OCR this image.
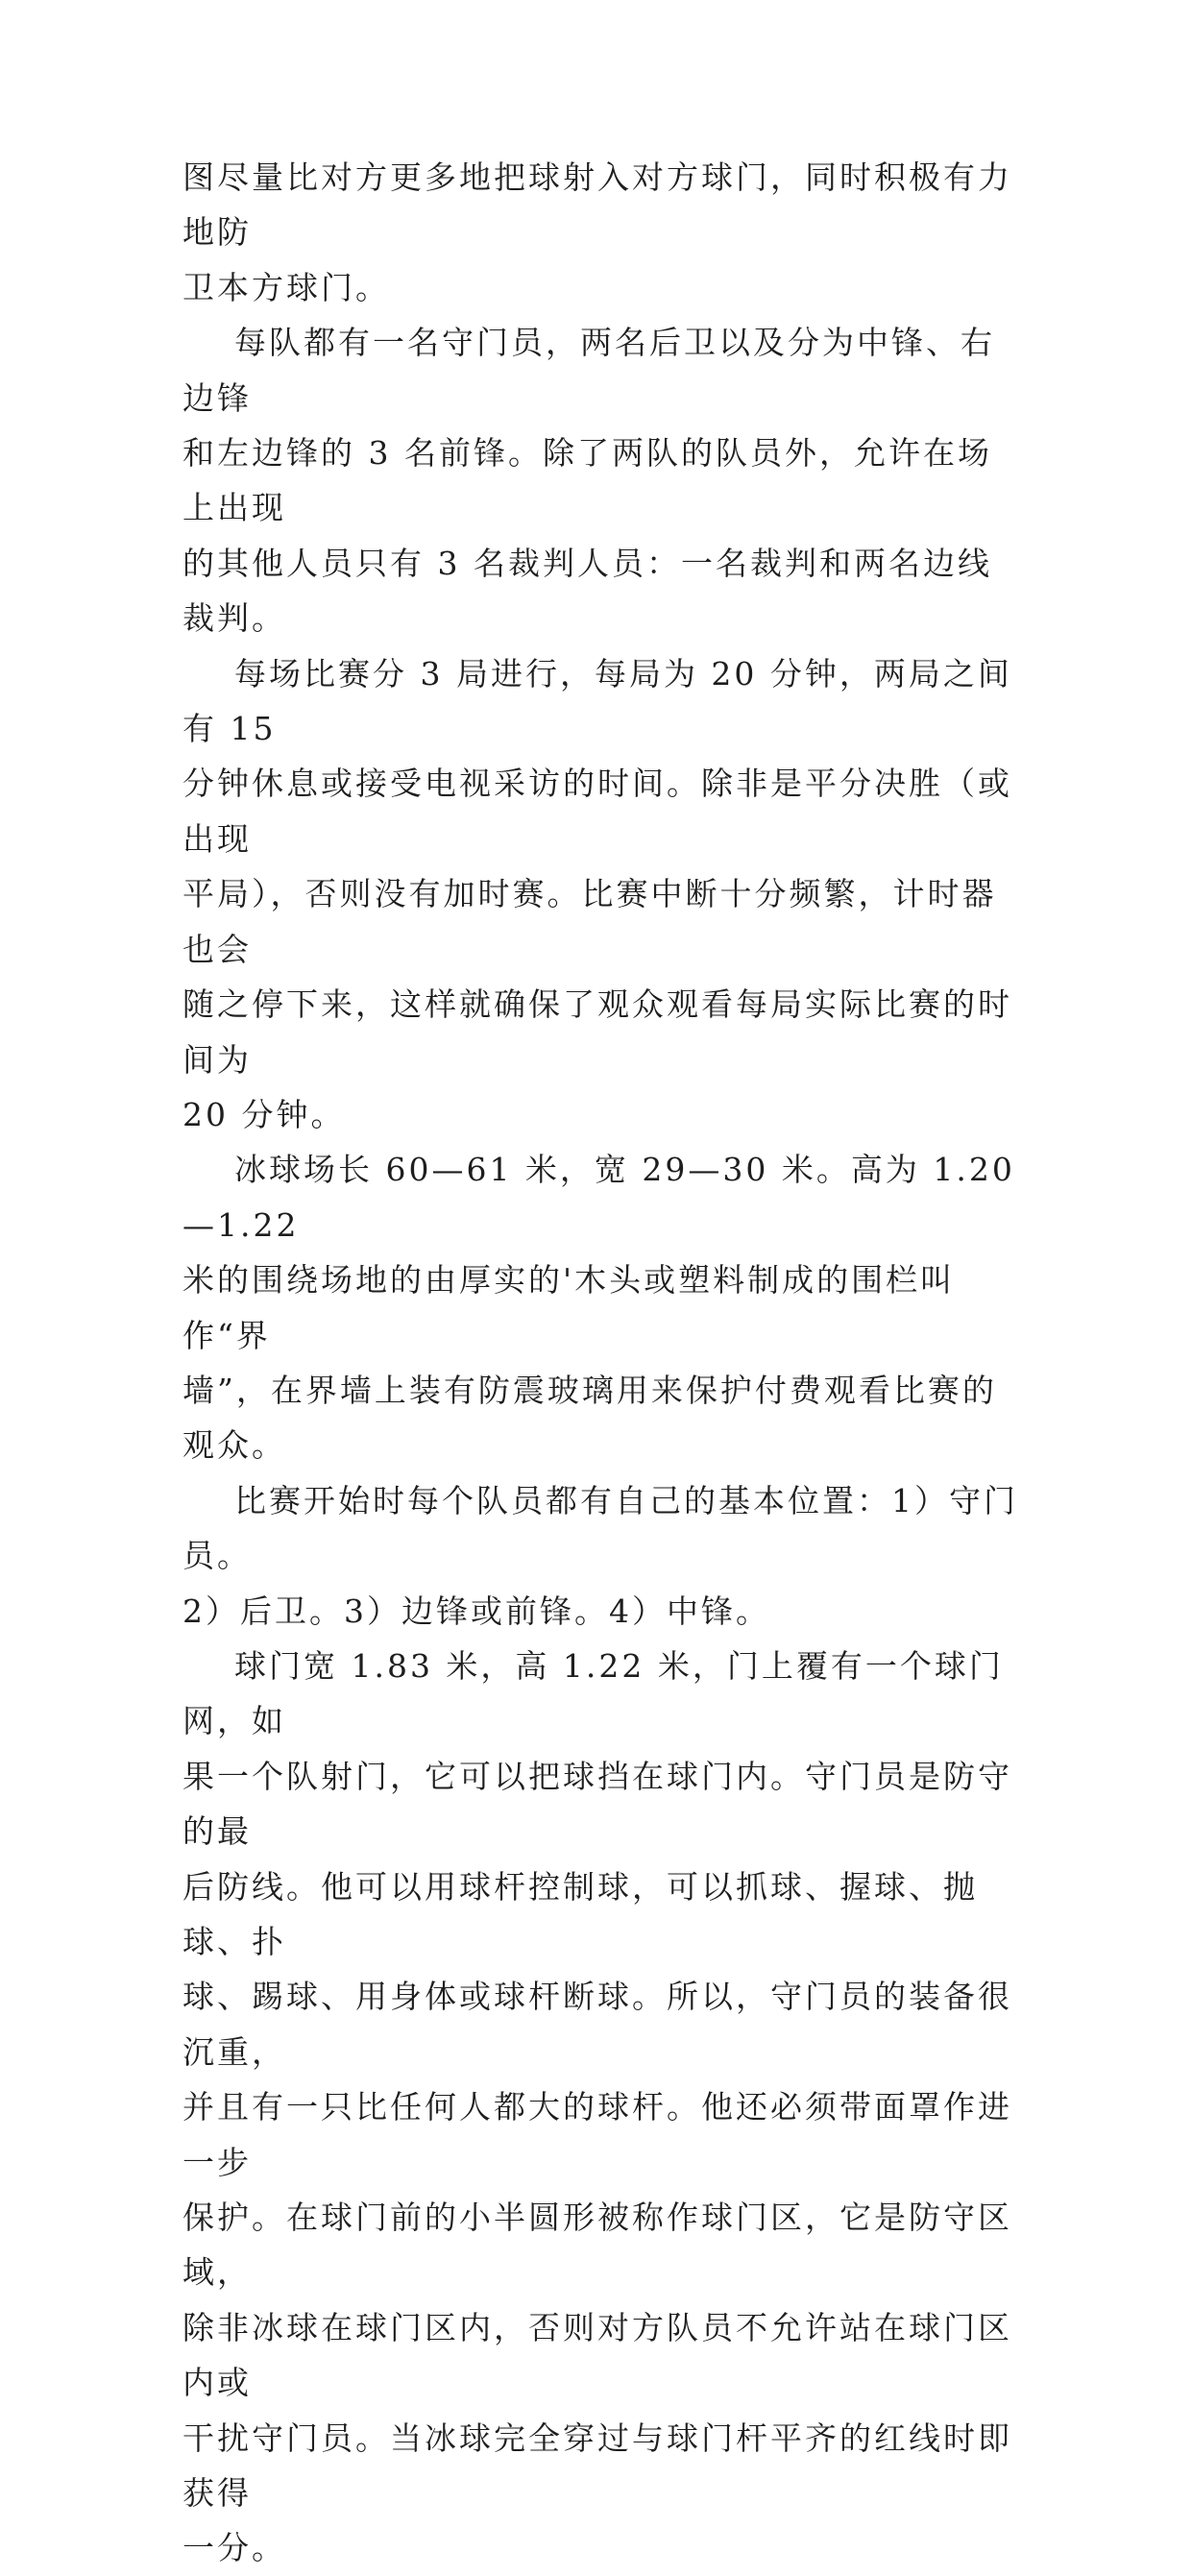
图尽量比对方更多地把球射入对方球门，同时积极有力地防
卫本方球门。

每队都有一名守门员，两名后卫以及分为中锋、右边锋
和左边锋的 3 名前锋。除了两队的队员外，允许在场上出现
的其他人员只有 3 名裁判人员：一名裁判和两名边线裁判。

每场比赛分 3 局进行，每局为 20 分钟，两局之间有 15
分钟休息或接受电视采访的时间。除非是平分决胜（或出现
平局），否则没有加时赛。比赛中断十分频繁，计时器也会
随之停下来，这样就确保了观众观看每局实际比赛的时间为
20 分钟。

冰球场长 60—61 米，宽 29—30 米。高为 1.20—1.22
米的围绕场地的由厚实的'木头或塑料制成的围栏叫作“界
墙”，在界墙上装有防震玻璃用来保护付费观看比赛的观众。

比赛开始时每个队员都有自己的基本位置：1）守门员。
2）后卫。3）边锋或前锋。4）中锋。

球门宽 1.83 米，高 1.22 米，门上覆有一个球门网，如
果一个队射门，它可以把球挡在球门内。守门员是防守的最
后防线。他可以用球杆控制球，可以抓球、握球、抛球、扑
球、踢球、用身体或球杆断球。所以，守门员的装备很沉重，
并且有一只比任何人都大的球杆。他还必须带面罩作进一步
保护。在球门前的小半圆形被称作球门区，它是防守区域，
除非冰球在球门区内，否则对方队员不允许站在球门区内或
干扰守门员。当冰球完全穿过与球门杆平齐的红线时即获得
一分。
